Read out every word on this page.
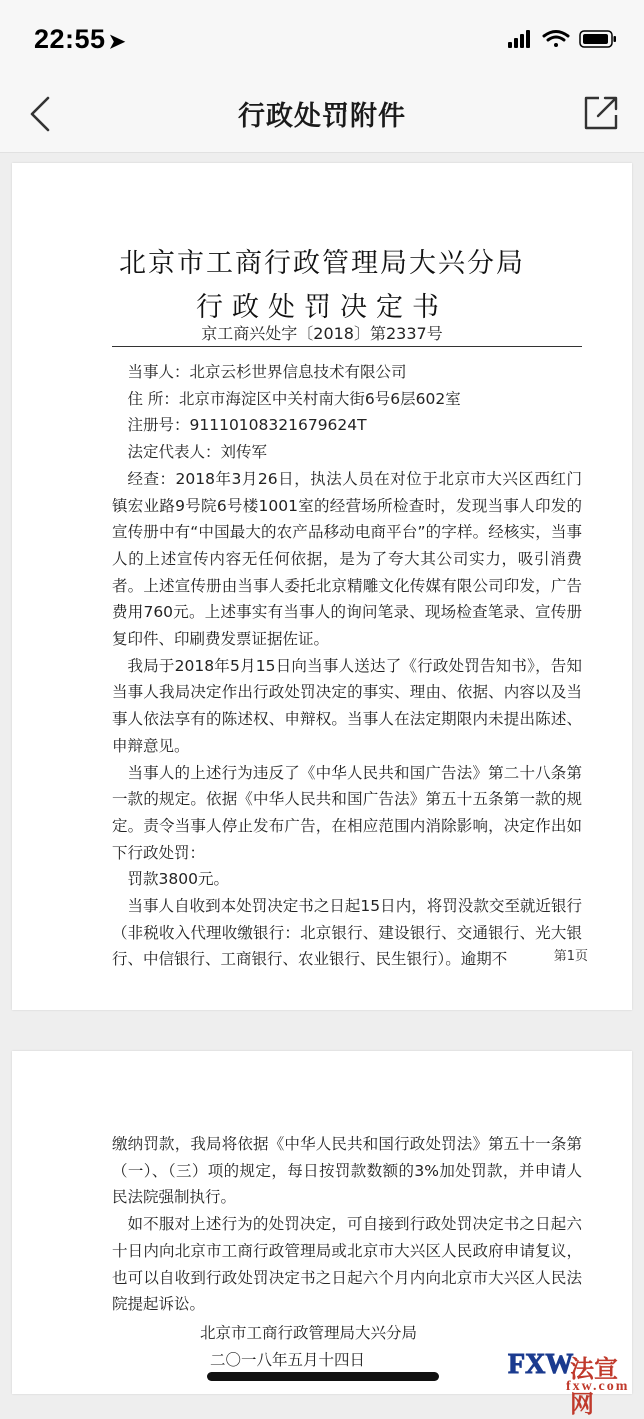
22:55 ➤
行政处罚附件
北京市工商行政管理局大兴分局
行政处罚决定书
京工商兴处字〔2018〕第2337号

当事人：北京云杉世界信息技术有限公司

住 所：北京市海淀区中关村南大街6号6层602室

注册号：911101083216796​24T

法定代表人：刘传军

经查：2018年3月26日，执法人员在对位于北京市大兴区西红门镇宏业路9号院6号楼1001室的经营场所检查时，发现当事人印发的宣传册中有“中国最大的农产品移动电商平台”的字样。经核实，当事人的上述宣传内容无任何依据，是为了夸大其公司实力，吸引消费者。上述宣传册由当事人委托北京精雕文化传媒有限公司印发，广告费用760元。上述事实有当事人的询问笔录、现场检查笔录、宣传册复印件、印刷费发票证据佐证。

我局于2018年5月15日向当事人送达了《行政处罚告知书》，告知当事人我局决定作出行政处罚决定的事实、理由、依据、内容以及当事人依法享有的陈述权、申辩权。当事人在法定期限内未提出陈述、申辩意见。

当事人的上述行为违反了《中华人民共和国广告法》第二十八条第一款的规定。依据《中华人民共和国广告法》第五十五条第一款的规定。责令当事人停止发布广告，在相应范围内消除影响，决定作出如下行政处罚：

罚款3800元。

当事人自收到本处罚决定书之日起15日内，将罚没款交至就近银行（非税收入代理收缴银行：北京银行、建设银行、交通银行、光大银行、中信银行、工商银行、农业银行、民生银行）。逾期不	第1页

缴纳罚款，我局将依据《中华人民共和国行政处罚法》第五十一条第（一）、（三）项的规定，每日按罚款数额的3%加处罚款，并申请人民法院强制执行。

如不服对上述行为的处罚决定，可自接到行政处罚决定书之日起六十日内向北京市工商行政管理局或北京市大兴区人民政府申请复议，也可以自收到行政处罚决定书之日起六个月内向北京市大兴区人民法院提起诉讼。

北京市工商行政管理局大兴分局

二〇一八年五月十四日	FXW
法宣网
fxw.com
